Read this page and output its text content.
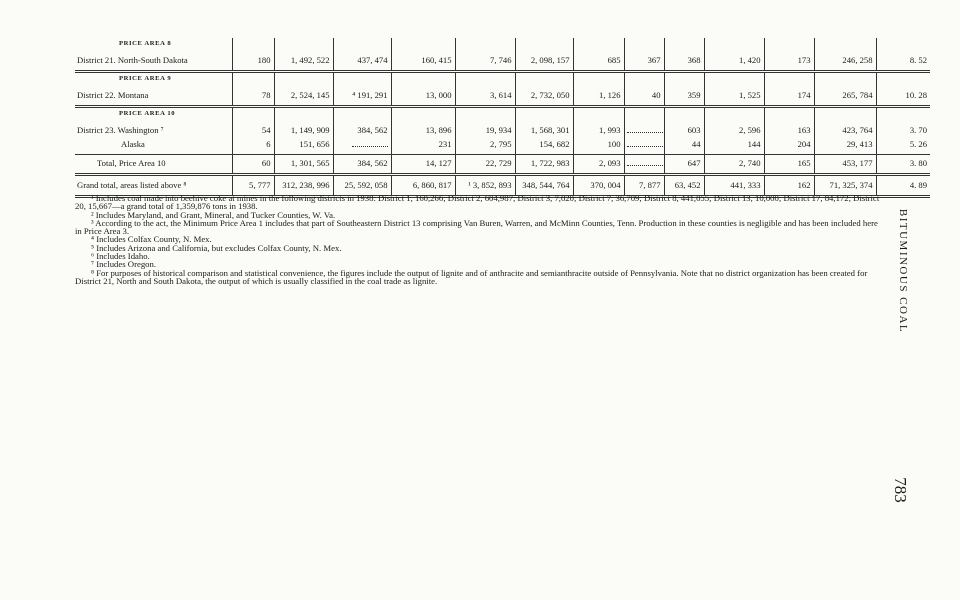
PRICE AREA 8													
District 21. North-South Dakota	180	1, 492, 522	437, 474	160, 415	7, 746	2, 098, 157	685	367	368	1, 420	173	246, 258	8. 52
PRICE AREA 9													
District 22. Montana	78	2, 524, 145	⁴ 191, 291	13, 000	3, 614	2, 732, 050	1, 126	40	359	1, 525	174	265, 784	10. 28
PRICE AREA 10													
District 23. Washington ⁷	54	1, 149, 909	384, 562	13, 896	19, 934	1, 568, 301	1, 993		603	2, 596	163	423, 764	3. 70
Alaska	6	151, 656		231	2, 795	154, 682	100		44	144	204	29, 413	5. 26
Total, Price Area 10	60	1, 301, 565	384, 562	14, 127	22, 729	1, 722, 983	2, 093		647	2, 740	165	453, 177	3. 80
Grand total, areas listed above ⁸	5, 777	312, 238, 996	25, 592, 058	6, 860, 817	¹ 3, 852, 893	348, 544, 764	370, 004	7, 877	63, 452	441, 333	162	71, 325, 374	4. 89

¹ Includes coal made into beehive coke at mines in the following districts in 1938: District 1, 160,266; District 2, 604,987; District 3, 7,020; District 7, 36,709; District 8, 441,055; District 13, 10,000; District 17, 84,172; District 20, 15,667—a grand total of 1,359,876 tons in 1938.

² Includes Maryland, and Grant, Mineral, and Tucker Counties, W. Va.

³ According to the act, the Minimum Price Area 1 includes that part of Southeastern District 13 comprising Van Buren, Warren, and McMinn Counties, Tenn. Production in these counties is negligible and has been included here in Price Area 3.

⁴ Includes Colfax County, N. Mex.

⁵ Includes Arizona and California, but excludes Colfax County, N. Mex.

⁶ Includes Idaho.

⁷ Includes Oregon.

⁸ For purposes of historical comparison and statistical convenience, the figures include the output of lignite and of anthracite and semianthracite outside of Pennsylvania. Note that no district organization has been created for District 21, North and South Dakota, the output of which is usually classified in the coal trade as lignite.	BITUMINOUS COAL
783
